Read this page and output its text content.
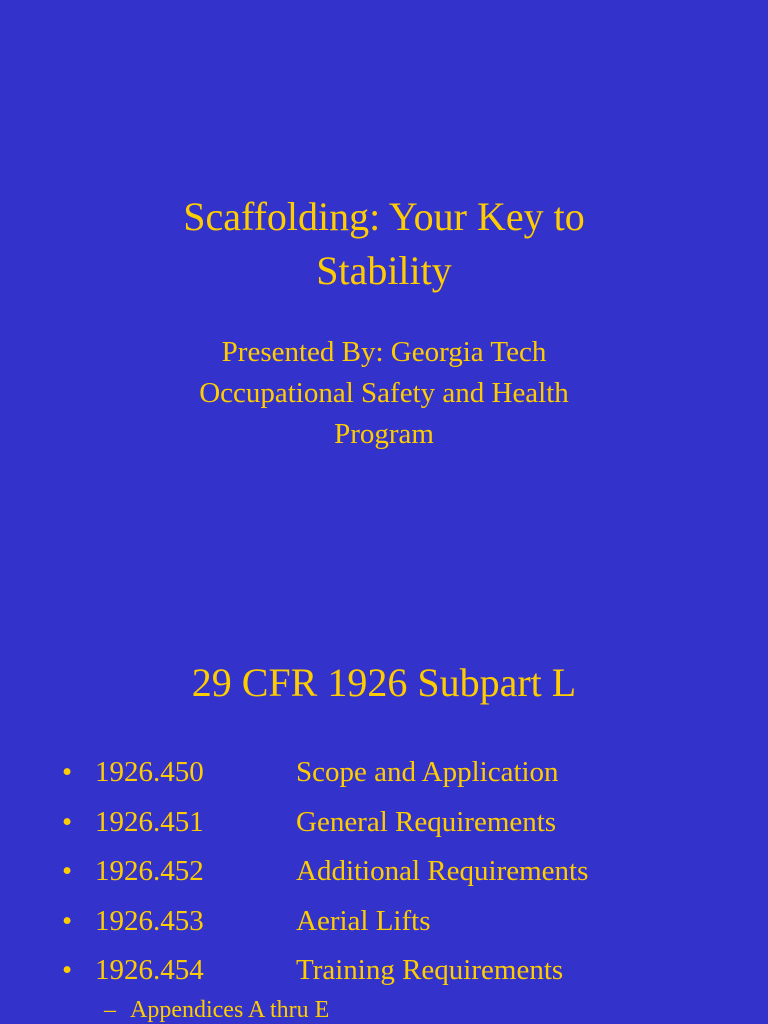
Scaffolding: Your Key to
Stability
Presented By: Georgia Tech
Occupational Safety and Health
Program
29 CFR 1926 Subpart L
• 1926.450	Scope and Application
• 1926.451	General Requirements
• 1926.452	Additional Requirements
• 1926.453	Aerial Lifts
• 1926.454	Training Requirements
– Appendices A thru E
